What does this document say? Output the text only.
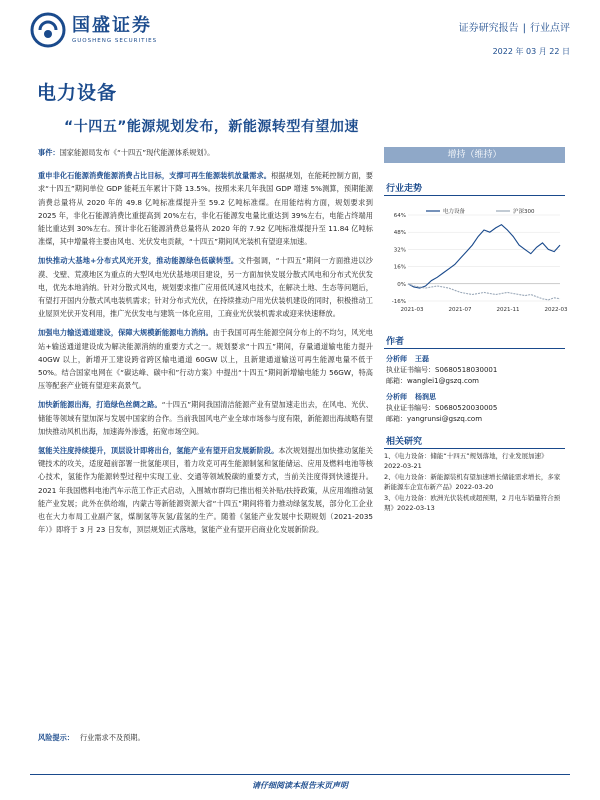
国盛证券
GUOSHENG SECURITIES
证券研究报告 | 行业点评
2022 年 03 月 22 日
电力设备
“十四五”能源规划发布，新能源转型有望加速
事件：国家能源局发布《“十四五”现代能源体系规划》。
重申非化石能源消费能源消费占比目标，支撑可再生能源装机放量需求。根据规划，在能耗控制方面，要求“十四五”期间单位 GDP 能耗五年累计下降 13.5%。按照未来几年我国 GDP 增速 5%测算，预期能源消费总量将从 2020 年的 49.8 亿吨标准煤提升至 59.2 亿吨标准煤。在用能结构方面，规划要求到 2025 年，非化石能源消费比重提高到 20%左右，非化石能源发电量比重达到 39%左右，电能占终端用能比重达到 30%左右。预计非化石能源消费总量将从 2020 年的 7.92 亿吨标准煤提升至 11.84 亿吨标准煤，其中增量将主要由风电、光伏发电贡献，“十四五”期间风光装机有望迎来加速。
加快推动大基地+分布式风光开发，推动能源绿色低碳转型。文件强调，“十四五”期间一方面推进以沙漠、戈壁、荒漠地区为重点的大型风电光伏基地项目建设，另一方面加快发展分散式风电和分布式光伏发电，优先本地消纳。针对分散式风电，规划要求推广应用低风速风电技术，在解决土地、生态等问题后，有望打开国内分散式风电装机需求；针对分布式光伏，在持续推动户用光伏装机建设的同时，积极推动工业屋顶光伏开发利用，推广光伏发电与建筑一体化应用，工商业光伏装机需求或迎来快速释放。
加强电力输送通道建设，保障大规模新能源电力消纳。由于我国可再生能源空间分布上的不均匀，风光电站+输送通道建设成为解决能源消纳的重要方式之一。规划要求“十四五”期间，存量通道输电能力提升 40GW 以上，新增开工建设跨省跨区输电通道 60GW 以上，且新建通道输送可再生能源电量不低于 50%。结合国家电网在《“碳达峰、碳中和”行动方案》中提出“十四五”期间新增输电能力 56GW，特高压等配套产业链有望迎来高景气。
加快新能源出海，打造绿色丝绸之路。“十四五”期间我国清洁能源产业有望加速走出去，在风电、光伏、储能等领域有望加深与发展中国家的合作。当前我国风电产业全球市场参与度有限，新能源出海战略有望加快推动风机出海，加速海外渗透，拓宽市场空间。
氢能关注度持续提升，顶层设计即将出台，氢能产业有望开启发展新阶段。本次规划提出加快推动氢能关键技术的攻关，适度超前部署一批氢能项目，着力攻克可再生能源制氢和氢能储运、应用及燃料电池等核心技术，氢能作为能源转型过程中实现工业、交通等领域脱碳的重要方式，当前关注度得到快速提升。2021 年我国燃料电池汽车示范工作正式启动，入围城市群均已推出相关补贴/扶持政策，从应用端推动氢能产业发展；此外在供给端，内蒙古等新能源资源大省“十四五”期间将着力推动绿氢发展，部分化工企业也在大力布局工业副产氢，煤制氢等灰氢/蓝氢的生产。随着《氢能产业发展中长期规划（2021-2035 年）》即将于 3 月 23 日发布，顶层规划正式落地，氢能产业有望开启商业化发展新阶段。
风险提示： 行业需求不及预期。
增持（维持）
行业走势
64%
48%
32%
16%
0%
-16%
2021-03	2021-07	2021-11	2022-03
电力设备	沪深300
作者
分析师 王磊
执业证书编号：S0680518030001
邮箱：wanglei1@gszq.com
分析师 杨润思
执业证书编号：S0680520030005
邮箱：yangrunsi@gszq.com
相关研究
1、《电力设备：储能“十四五”规划落地，行业发展加速》2022-03-21
2、《电力设备：新能源装机有望加速增长储能需求增长，多家新能源车企宣布新产品》2022-03-20
3、《电力设备：欧洲光伏装机或超预期，2 月电车销量符合预期》2022-03-13
请仔细阅读本报告末页声明
